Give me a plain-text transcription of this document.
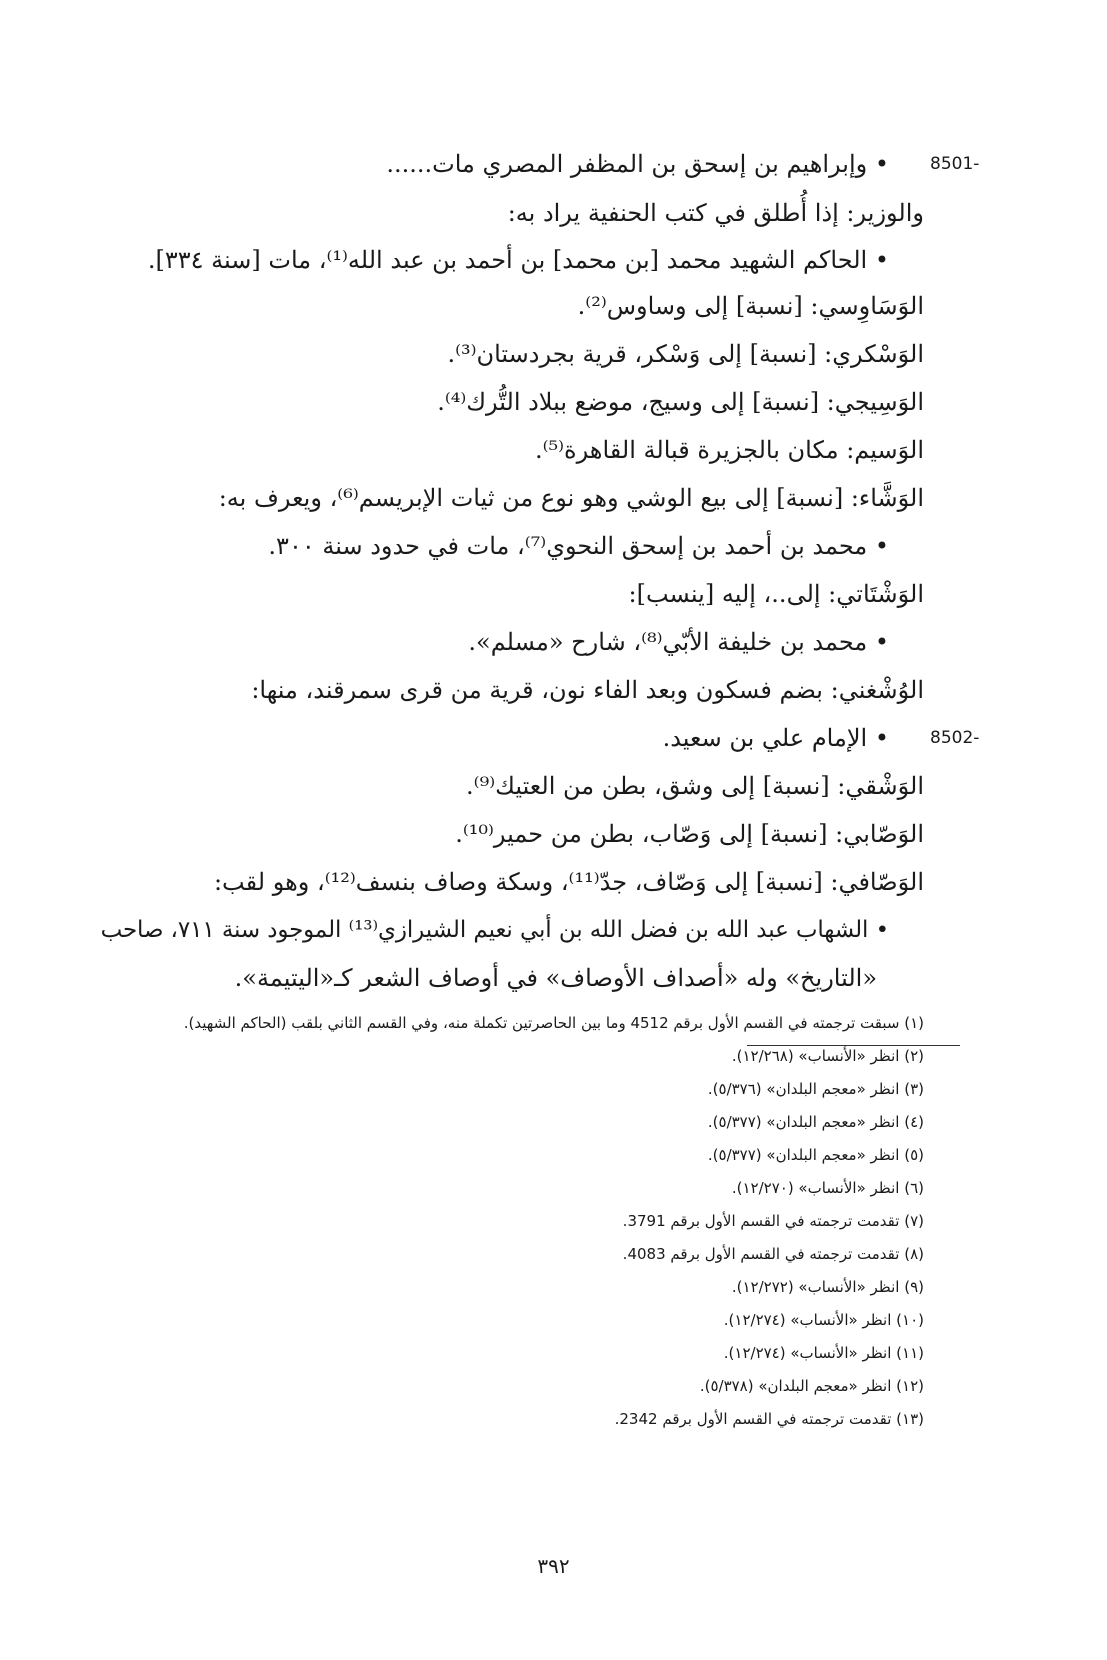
• وإبراهيم بن إسحق بن المظفر المصري مات...... 8501-
والوزير: إذا أُطلق في كتب الحنفية يراد به:
• الحاكم الشهيد محمد [بن محمد] بن أحمد بن عبد الله⁽¹⁾، مات [سنة ٣٣٤].
الوَسَاوِسي: [نسبة] إلى وساوس⁽²⁾.
الوَسْكري: [نسبة] إلى وَسْكر، قرية بجردستان⁽³⁾.
الوَسِيجي: [نسبة] إلى وسيج، موضع ببلاد التُّرك⁽⁴⁾.
الوَسيم: مكان بالجزيرة قبالة القاهرة⁽⁵⁾.
الوَشَّاء: [نسبة] إلى بيع الوشي وهو نوع من ثيات الإبريسم⁽⁶⁾، ويعرف به:
• محمد بن أحمد بن إسحق النحوي⁽⁷⁾، مات في حدود سنة ٣٠٠.
الوَشْتَاتي: إلى..، إليه [ينسب]:
• محمد بن خليفة الأبّي⁽⁸⁾، شارح «مسلم».
الوُشْغني: بضم فسكون وبعد الفاء نون، قرية من قرى سمرقند، منها:
• الإمام علي بن سعيد. 8502-
الوَشْقي: [نسبة] إلى وشق، بطن من العتيك⁽⁹⁾.
الوَصّابي: [نسبة] إلى وَصّاب، بطن من حمير⁽¹⁰⁾.
الوَصّافي: [نسبة] إلى وَصّاف، جدّ⁽¹¹⁾، وسكة وصاف بنسف⁽¹²⁾، وهو لقب:
• الشهاب عبد الله بن فضل الله بن أبي نعيم الشيرازي⁽¹³⁾ الموجود سنة ٧١١، صاحب
«التاريخ» وله «أصداف الأوصاف» في أوصاف الشعر كـ«اليتيمة».
(١) سبقت ترجمته في القسم الأول برقم 4512 وما بين الحاصرتين تكملة منه، وفي القسم الثاني بلقب (الحاكم الشهيد).
(٢) انظر «الأنساب» (١٢/٢٦٨).
(٣) انظر «معجم البلدان» (٥/٣٧٦).
(٤) انظر «معجم البلدان» (٥/٣٧٧).
(٥) انظر «معجم البلدان» (٥/٣٧٧).
(٦) انظر «الأنساب» (١٢/٢٧٠).
(٧) تقدمت ترجمته في القسم الأول برقم 3791.
(٨) تقدمت ترجمته في القسم الأول برقم 4083.
(٩) انظر «الأنساب» (١٢/٢٧٢).
(١٠) انظر «الأنساب» (١٢/٢٧٤).
(١١) انظر «الأنساب» (١٢/٢٧٤).
(١٢) انظر «معجم البلدان» (٥/٣٧٨).
(١٣) تقدمت ترجمته في القسم الأول برقم 2342.
٣٩٢
